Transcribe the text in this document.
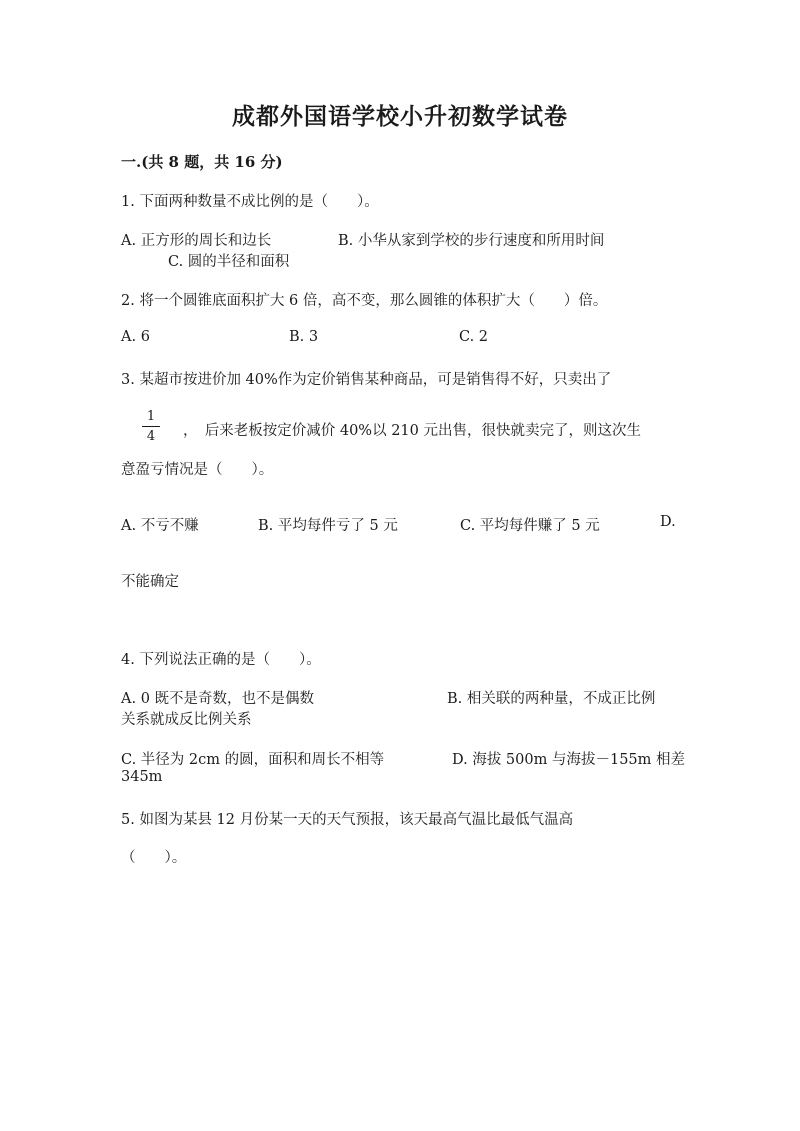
成都外国语学校小升初数学试卷
一.(共 8 题，共 16 分)
1. 下面两种数量不成比例的是（　　）。
A. 正方形的周长和边长	B. 小华从家到学校的步行速度和所用时间
C. 圆的半径和面积
2. 将一个圆锥底面积扩大 6 倍，高不变，那么圆锥的体积扩大（　　）倍。
A. 6	B. 3	C. 2
3. 某超市按进价加 40%作为定价销售某种商品，可是销售得不好，只卖出了
1
4	，　后来老板按定价减价 40%以 210 元出售，很快就卖完了，则这次生
意盈亏情况是（　　）。
A. 不亏不赚	B. 平均每件亏了 5 元	C. 平均每件赚了 5 元	D.
不能确定
4. 下列说法正确的是（　　）。
A. 0 既不是奇数，也不是偶数	B. 相关联的两种量，不成正比例
关系就成反比例关系
C. 半径为 2cm 的圆，面积和周长不相等	D. 海拔 500m 与海拔－155m 相差
345m
5. 如图为某县 12 月份某一天的天气预报，该天最高气温比最低气温高
（　　）。
